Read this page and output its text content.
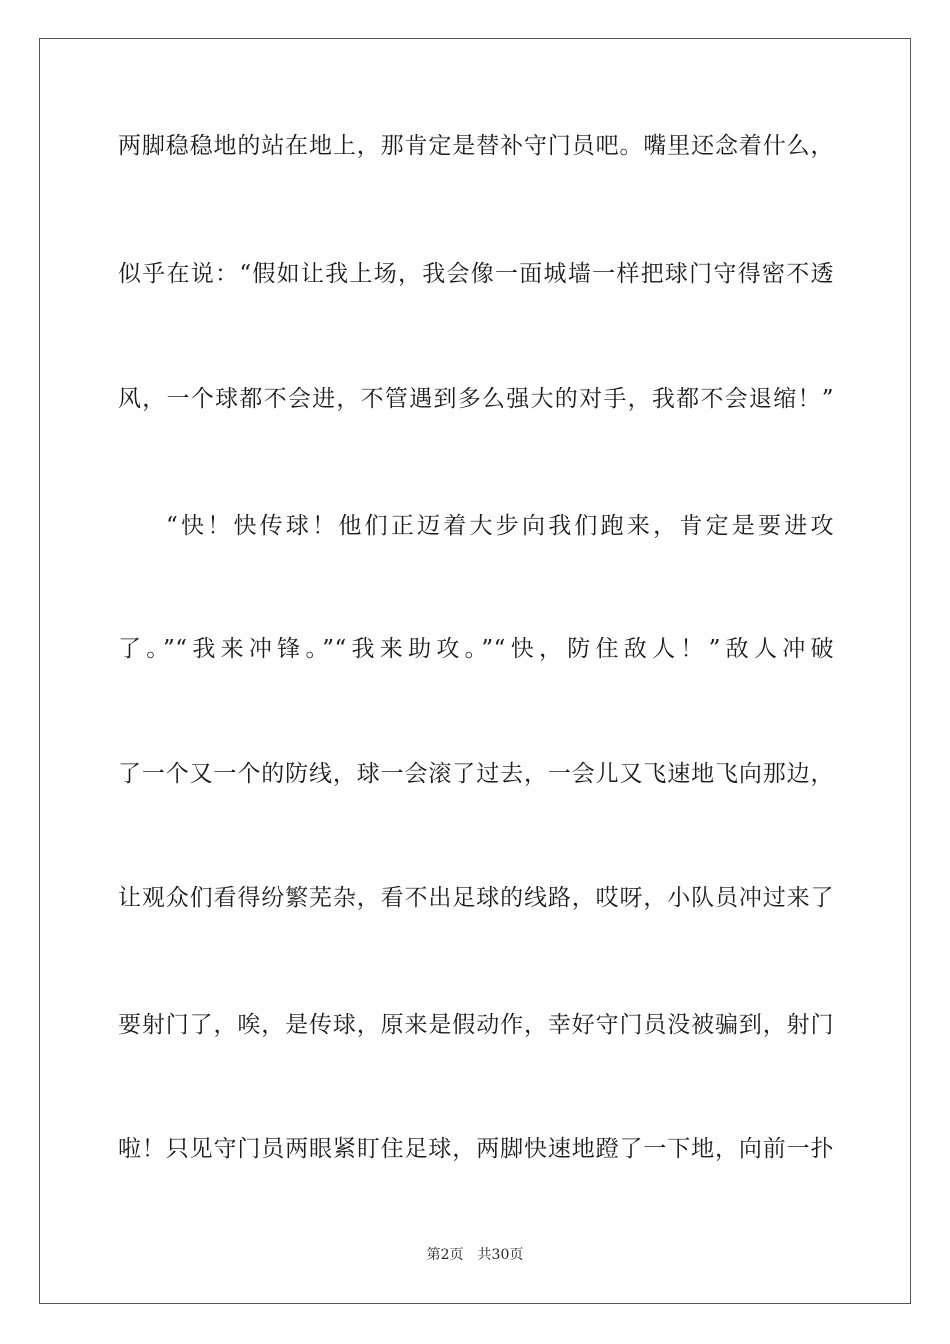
两脚稳稳地的站在地上，那肯定是替补守门员吧。嘴里还念着什么，
似乎在说：“假如让我上场，我会像一面城墙一样把球门守得密不透
风，一个球都不会进，不管遇到多么强大的对手，我都不会退缩！”
“快！快传球！他们正迈着大步向我们跑来，肯定是要进攻
了。”“我来冲锋。”“我来助攻。”“快，防住敌人！”敌人冲破
了一个又一个的防线，球一会滚了过去，一会儿又飞速地飞向那边，
让观众们看得纷繁芜杂，看不出足球的线路，哎呀，小队员冲过来了
要射门了，唉，是传球，原来是假动作，幸好守门员没被骗到，射门
啦！只见守门员两眼紧盯住足球，两脚快速地蹬了一下地，向前一扑
第2页 共30页
